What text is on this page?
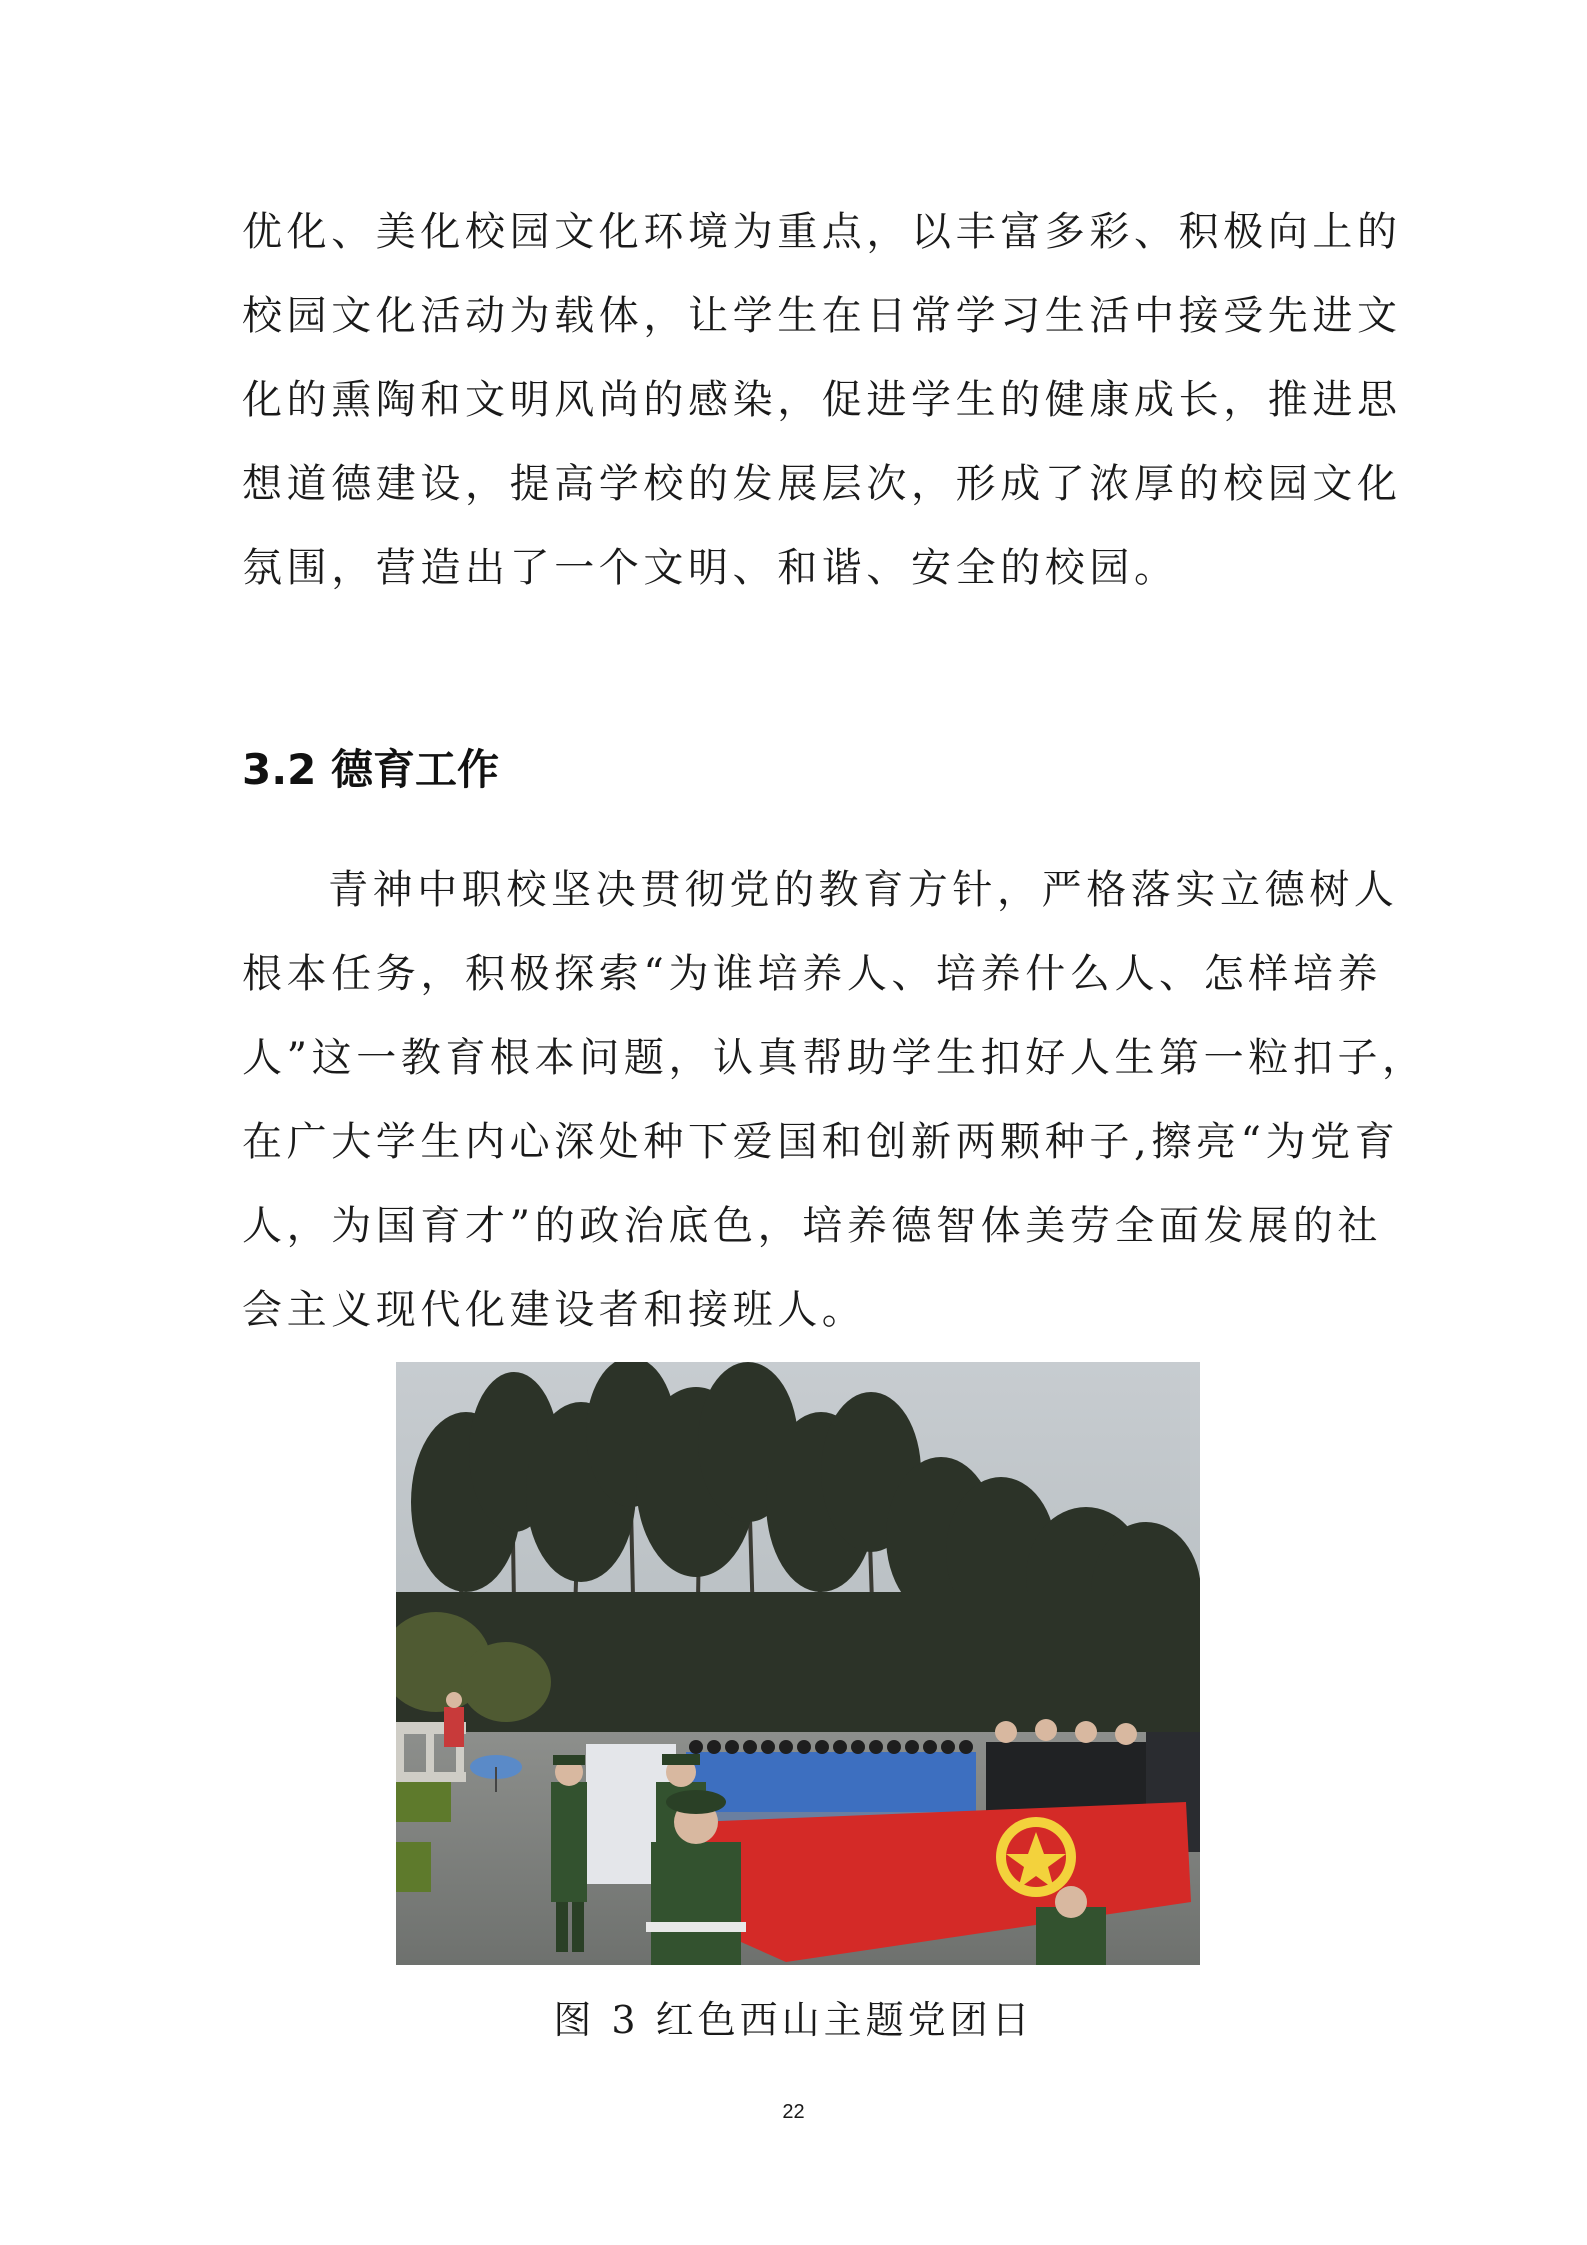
优化、美化校园文化环境为重点，以丰富多彩、积极向上的
校园文化活动为载体，让学生在日常学习生活中接受先进文
化的熏陶和文明风尚的感染，促进学生的健康成长，推进思
想道德建设，提高学校的发展层次，形成了浓厚的校园文化
氛围，营造出了一个文明、和谐、安全的校园。
3.2 德育工作
青神中职校坚决贯彻党的教育方针，严格落实立德树人
根本任务，积极探索“为谁培养人、培养什么人、怎样培养
人”这一教育根本问题，认真帮助学生扣好人生第一粒扣子，
在广大学生内心深处种下爱国和创新两颗种子,擦亮“为党育
人，为国育才”的政治底色，培养德智体美劳全面发展的社
会主义现代化建设者和接班人。
图 3 红色西山主题党团日
22
